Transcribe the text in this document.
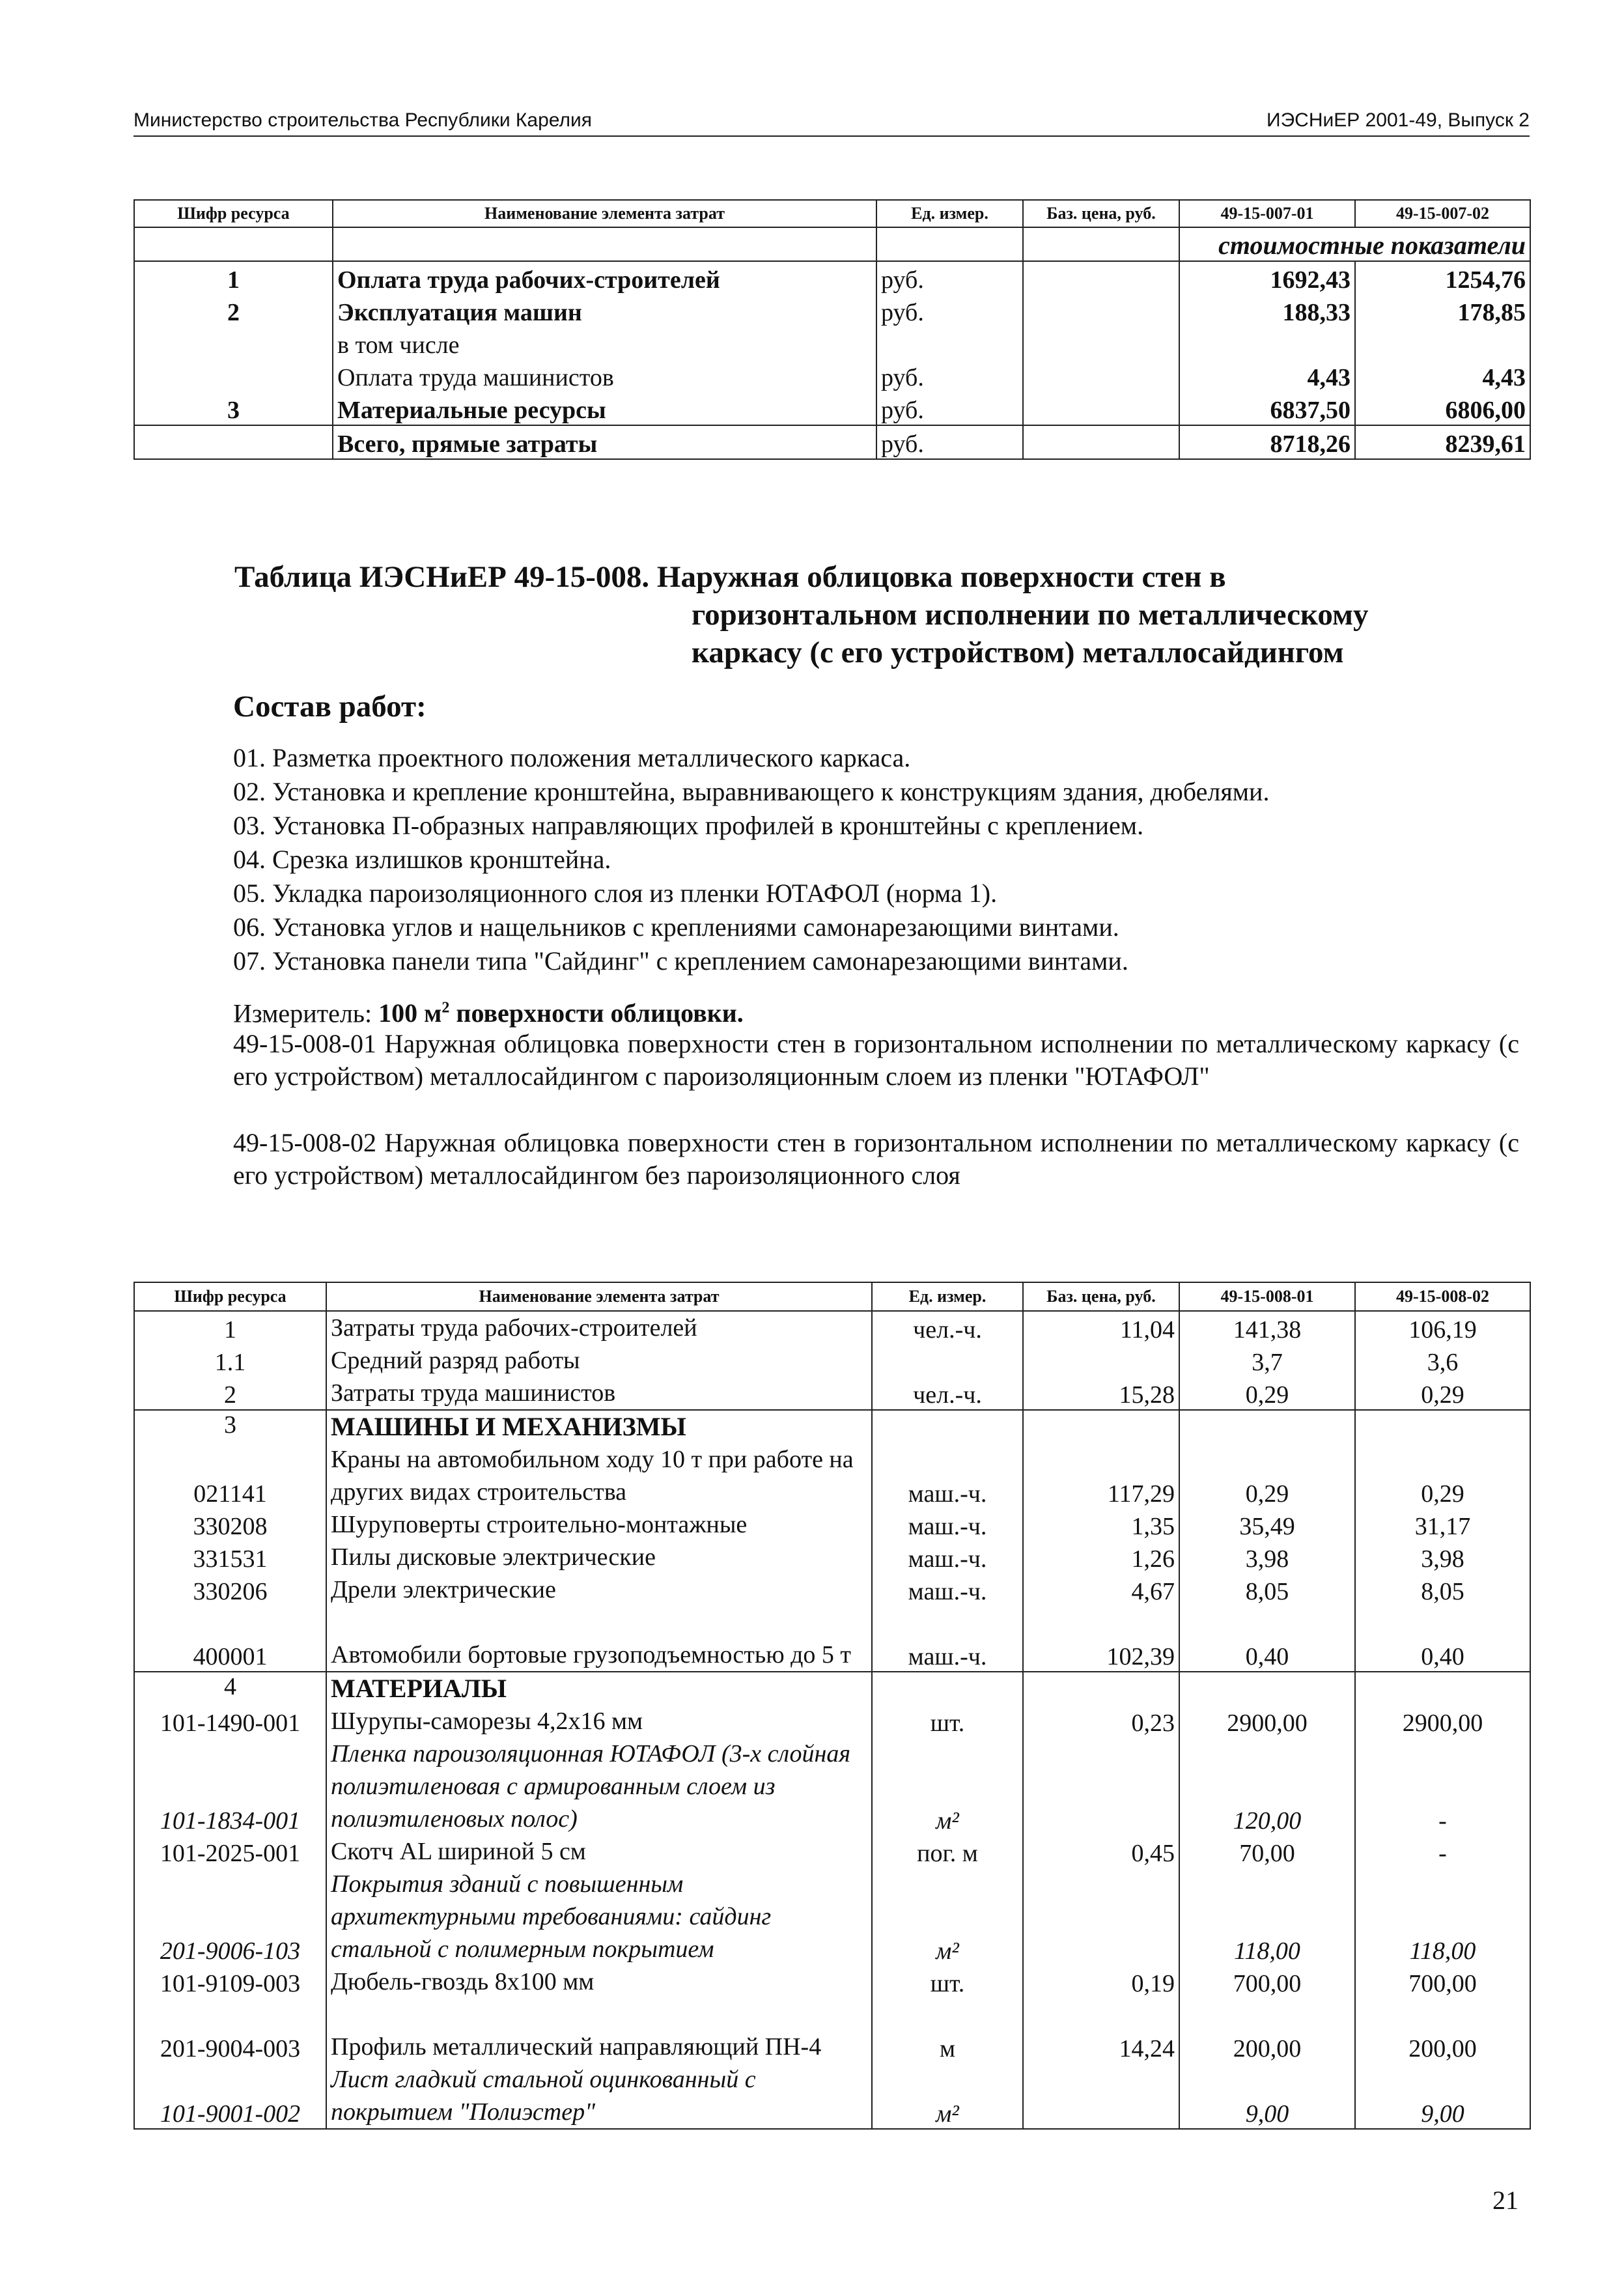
Министерство строительства Республики Карелия	ИЭСНиЕР 2001-49, Выпуск 2
Шифр ресурса	Наименование элемента затрат	Ед. измер.	Баз. цена, руб.	49-15-007-01	49-15-007-02
				стоимостные показатели	
1	Оплата труда рабочих-строителей	руб.		1692,43	1254,76
2	Эксплуатация машин	руб.		188,33	178,85
	в том числе				
	Оплата труда машинистов	руб.		4,43	4,43
3	Материальные ресурсы	руб.		6837,50	6806,00
	Всего, прямые затраты	руб.		8718,26	8239,61
Таблица ИЭСНиЕР 49-15-008. Наружная облицовка поверхности стен в
горизонтальном исполнении по металлическому
каркасу (с его устройством) металлосайдингом
Состав работ:
01. Разметка проектного положения металлического каркаса.
02. Установка и крепление кронштейна, выравнивающего к конструкциям здания, дюбелями.
03. Установка П-образных направляющих профилей в кронштейны с креплением.
04. Срезка излишков кронштейна.
05. Укладка пароизоляционного слоя из пленки ЮТАФОЛ (норма 1).
06. Установка углов и нащельников с креплениями самонарезающими винтами.
07. Установка панели типа "Сайдинг" с креплением самонарезающими винтами.
Измеритель: 100 $м^2$ поверхности облицовки.
49-15-008-01 Наружная облицовка поверхности стен в горизонтальном исполнении по металлическому каркасу (с его устройством) металлосайдингом с пароизоляционным слоем из пленки "ЮТАФОЛ"
49-15-008-02 Наружная облицовка поверхности стен в горизонтальном исполнении по металлическому каркасу (с его устройством) металлосайдингом без пароизоляционного слоя
Шифр ресурса	Наименование элемента затрат	Ед. измер.	Баз. цена, руб.	49-15-008-01	49-15-008-02
1	Затраты труда рабочих-строителей	чел.-ч.	11,04	141,38	106,19
1.1	Средний разряд работы			3,7	3,6
2	Затраты труда машинистов	чел.-ч.	15,28	0,29	0,29
3	МАШИНЫ И МЕХАНИЗМЫ				
021141	Краны на автомобильном ходу 10 т при работе на других видах строительства	маш.-ч.	117,29	0,29	0,29
330208	Шуруповерты строительно-монтажные	маш.-ч.	1,35	35,49	31,17
331531	Пилы дисковые электрические	маш.-ч.	1,26	3,98	3,98
330206	Дрели электрические	маш.-ч.	4,67	8,05	8,05
400001	Автомобили бортовые грузоподъемностью до 5 т	маш.-ч.	102,39	0,40	0,40
4	МАТЕРИАЛЫ				
101-1490-001	Шурупы-саморезы 4,2х16 мм	шт.	0,23	2900,00	2900,00
101-1834-001	Пленка пароизоляционная ЮТАФОЛ (3-х слойная полиэтиленовая с армированным слоем из полиэтиленовых полос)	м²		120,00	-
101-2025-001	Скотч AL шириной 5 см	пог. м	0,45	70,00	-
201-9006-103	Покрытия зданий с повышенным архитектурными требованиями: сайдинг стальной с полимерным покрытием	м²		118,00	118,00
101-9109-003	Дюбель-гвоздь 8х100 мм	шт.	0,19	700,00	700,00
201-9004-003	Профиль металлический направляющий ПН-4	м	14,24	200,00	200,00
101-9001-002	Лист гладкий стальной оцинкованный с покрытием "Полиэстер"	м²		9,00	9,00
21
